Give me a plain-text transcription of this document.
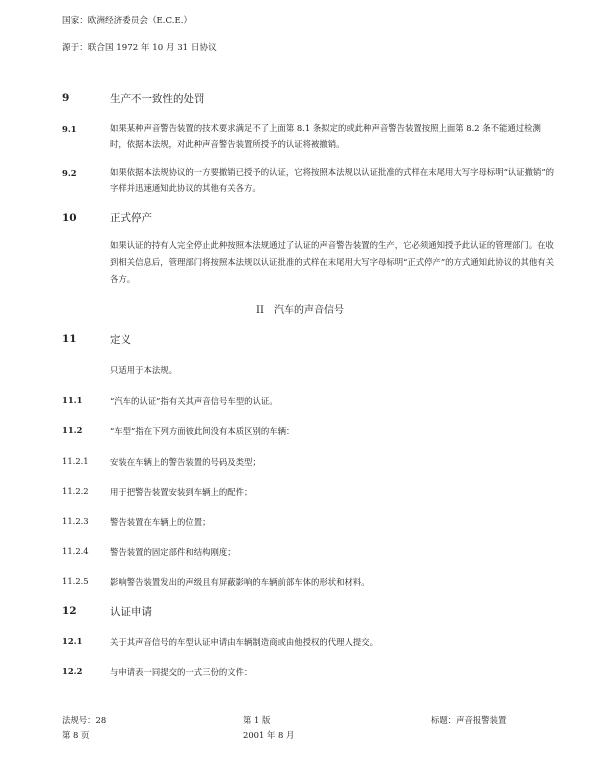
国家：欧洲经济委员会（E.C.E.）
源于：联合国 1972 年 10 月 31 日协议
9	生产不一致性的处罚
9.1	如果某种声音警告装置的技术要求满足不了上面第 8.1 条拟定的或此种声音警告装置按照上面第 8.2 条不能通过检测时，依据本法规，对此种声音警告装置所授予的认证将被撤销。
9.2	如果依据本法规协议的一方要撤销已授予的认证，它将按照本法规以认证批准的式样在末尾用大写字母标明“认证撤销”的字样并迅速通知此协议的其他有关各方。
10	正式停产
如果认证的持有人完全停止此种按照本法规通过了认证的声音警告装置的生产，它必须通知授予此认证的管理部门。在收到相关信息后，管理部门将按照本法规以认证批准的式样在末尾用大写字母标明“正式停产”的方式通知此协议的其他有关各方。
II　汽车的声音信号
11	定义
只适用于本法规。
11.1	“汽车的认证”指有关其声音信号车型的认证。
11.2	“车型”指在下列方面彼此间没有本质区别的车辆：
11.2.1	安装在车辆上的警告装置的号码及类型；
11.2.2	用于把警告装置安装到车辆上的配件；
11.2.3	警告装置在车辆上的位置；
11.2.4	警告装置的固定部件和结构刚度；
11.2.5	影响警告装置发出的声级且有屏蔽影响的车辆前部车体的形状和材料。
12	认证申请
12.1	关于其声音信号的车型认证申请由车辆制造商或由他授权的代理人提交。
12.2	与申请表一同提交的一式三份的文件：
法规号：28
第 8 页
第 1 版
2001 年 8 月
标题：声音报警装置
